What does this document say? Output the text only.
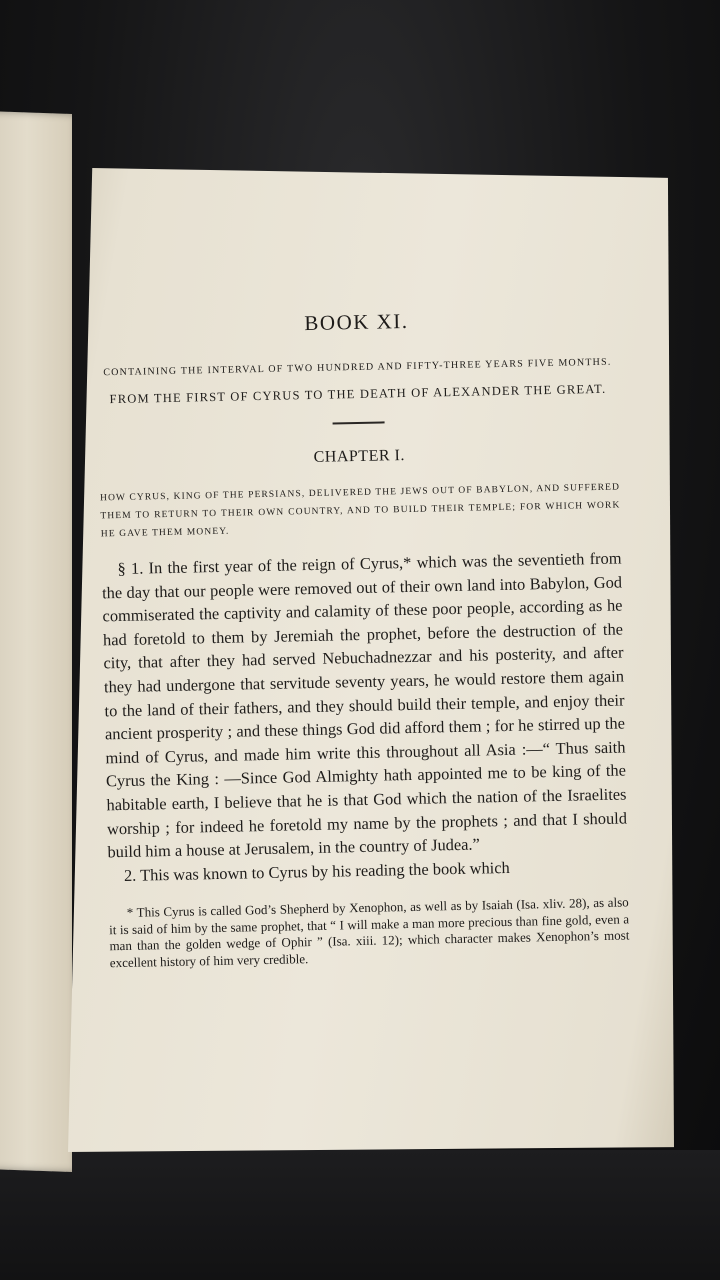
BOOK XI.
CONTAINING THE INTERVAL OF TWO HUNDRED AND FIFTY-THREE YEARS FIVE MONTHS.
FROM THE FIRST OF CYRUS TO THE DEATH OF ALEXANDER THE GREAT.
CHAPTER I.
HOW CYRUS, KING OF THE PERSIANS, DELIVERED THE JEWS OUT OF BABYLON, AND SUFFERED THEM TO RETURN TO THEIR OWN COUNTRY, AND TO BUILD THEIR TEMPLE; FOR WHICH WORK HE GAVE THEM MONEY.

§ 1. In the first year of the reign of Cyrus,* which was the seventieth from the day that our people were removed out of their own land into Babylon, God commiserated the captivity and calamity of these poor people, according as he had foretold to them by Jeremiah the prophet, before the destruction of the city, that after they had served Nebuchadnezzar and his posterity, and after they had undergone that servitude seventy years, he would restore them again to the land of their fathers, and they should build their temple, and enjoy their ancient prosperity ; and these things God did afford them ; for he stirred up the mind of Cyrus, and made him write this throughout all Asia :—“ Thus saith Cyrus the King : —Since God Almighty hath appointed me to be king of the habitable earth, I believe that he is that God which the nation of the Israelites worship ; for indeed he foretold my name by the prophets ; and that I should build him a house at Jerusalem, in the country of Judea.”

2. This was known to Cyrus by his reading the book which

* This Cyrus is called God’s Shepherd by Xenophon, as well as by Isaiah (Isa. xliv. 28), as also it is said of him by the same prophet, that “ I will make a man more precious than fine gold, even a man than the golden wedge of Ophir ” (Isa. xiii. 12); which character makes Xenophon’s most excellent history of him very credible.
